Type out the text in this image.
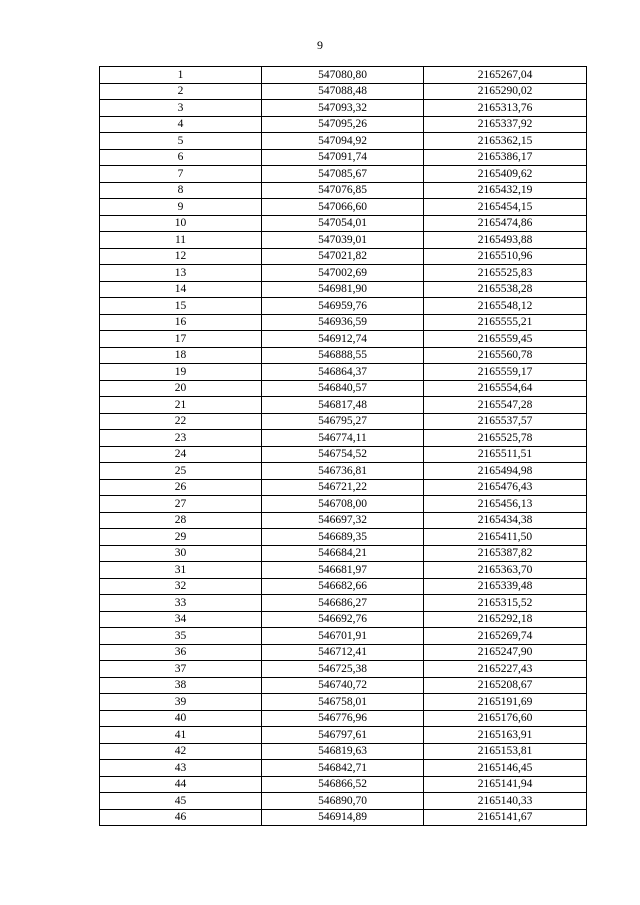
9
1	547080,80	2165267,04
2	547088,48	2165290,02
3	547093,32	2165313,76
4	547095,26	2165337,92
5	547094,92	2165362,15
6	547091,74	2165386,17
7	547085,67	2165409,62
8	547076,85	2165432,19
9	547066,60	2165454,15
10	547054,01	2165474,86
11	547039,01	2165493,88
12	547021,82	2165510,96
13	547002,69	2165525,83
14	546981,90	2165538,28
15	546959,76	2165548,12
16	546936,59	2165555,21
17	546912,74	2165559,45
18	546888,55	2165560,78
19	546864,37	2165559,17
20	546840,57	2165554,64
21	546817,48	2165547,28
22	546795,27	2165537,57
23	546774,11	2165525,78
24	546754,52	2165511,51
25	546736,81	2165494,98
26	546721,22	2165476,43
27	546708,00	2165456,13
28	546697,32	2165434,38
29	546689,35	2165411,50
30	546684,21	2165387,82
31	546681,97	2165363,70
32	546682,66	2165339,48
33	546686,27	2165315,52
34	546692,76	2165292,18
35	546701,91	2165269,74
36	546712,41	2165247,90
37	546725,38	2165227,43
38	546740,72	2165208,67
39	546758,01	2165191,69
40	546776,96	2165176,60
41	546797,61	2165163,91
42	546819,63	2165153,81
43	546842,71	2165146,45
44	546866,52	2165141,94
45	546890,70	2165140,33
46	546914,89	2165141,67
